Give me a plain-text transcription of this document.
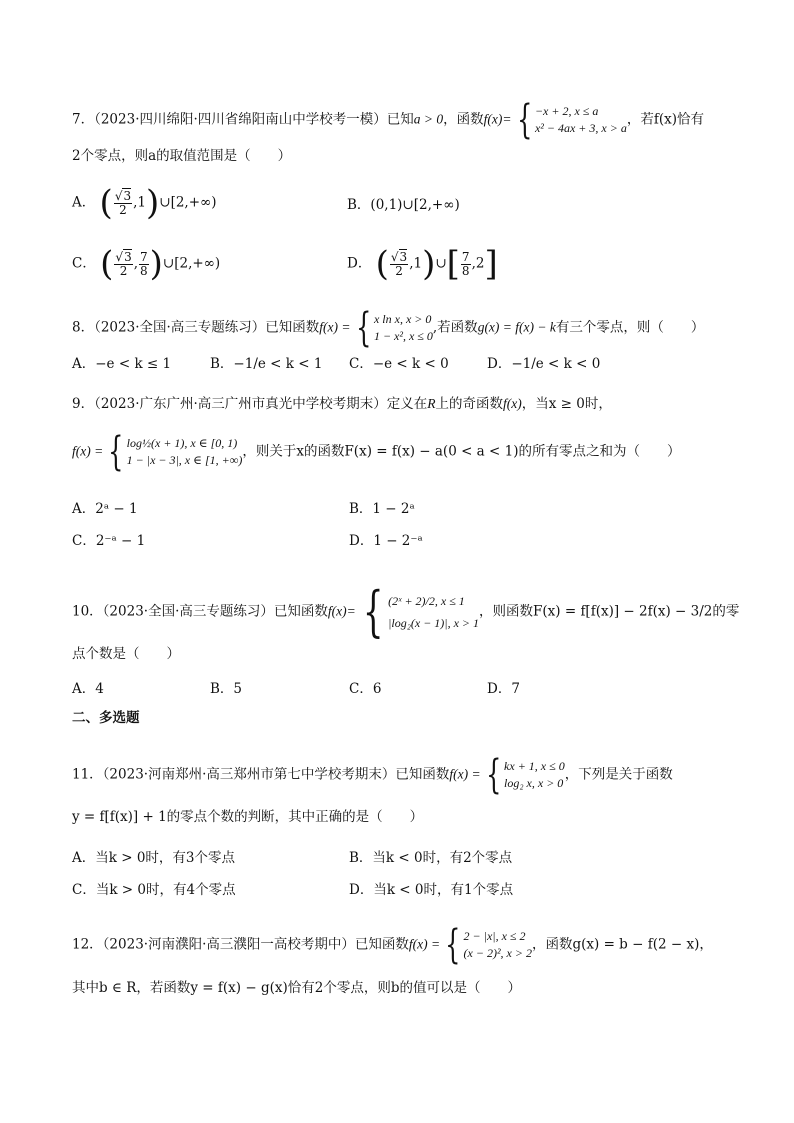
7．（2023·四川绵阳·四川省绵阳南山中学校考一模）已知a > 0，函数f(x)= { −x + 2, x ≤ a
x² − 4ax + 3, x > a
，若f(x)恰有
2个零点，则a的取值范围是（　　）
A． ( $\frac{√3}{2}$ ,1)∪[2,+∞)	B．(0,1)∪[2,+∞)
C． ( $\frac{√3}{2}$ , $\frac{7}{8}$ )∪[2,+∞)	D． ( $\frac{√3}{2}$ ,1)∪[ $\frac{7}{8} ,2$]
8．（2023·全国·高三专题练习）已知函数f(x) = { x ln x, x > 0
1 − x², x ≤ 0
,若函数g(x) = f(x) − k有三个零点，则（　　）
A．−e < k ≤ 1	B．−1/e < k < 1 C．−e < k < 0	D．−1/e < k < 0
9．（2023·广东广州·高三广州市真光中学校考期末）定义在R上的奇函数f(x)，当x ≥ 0时，
f(x) = { log½(x + 1), x ∈ [0, 1)
1 − |x − 3|, x ∈ [1, +∞)
，则关于x的函数F(x) = f(x) − a(0 < a < 1)的所有零点之和为（　　）
A．2ᵃ − 1	B．1 − 2ᵃ
C．2⁻ᵃ − 1	D．1 − 2⁻ᵃ
10．（2023·全国·高三专题练习）已知函数f(x)= { (2ˣ + 2)/2, x ≤ 1
|log₂(x − 1)|, x > 1
，则函数F(x) = f[f(x)] − 2f(x) − 3/2的零
点个数是（　　）
A．4	B．5	C．6	D．7
二、多选题
11．（2023·河南郑州·高三郑州市第七中学校考期末）已知函数f(x) = { kx + 1, x ≤ 0
log₂ x, x > 0
，下列是关于函数
y = f[f(x)] + 1的零点个数的判断，其中正确的是（　　）
A．当k > 0时，有3个零点	B．当k < 0时，有2个零点
C．当k > 0时，有4个零点	D．当k < 0时，有1个零点
12．（2023·河南濮阳·高三濮阳一高校考期中）已知函数f(x) = { 2 − |x|, x ≤ 2
(x − 2)², x > 2
，函数g(x) = b − f(2 − x)，
其中b ∈ R，若函数y = f(x) − g(x)恰有2个零点，则b的值可以是（　　）
